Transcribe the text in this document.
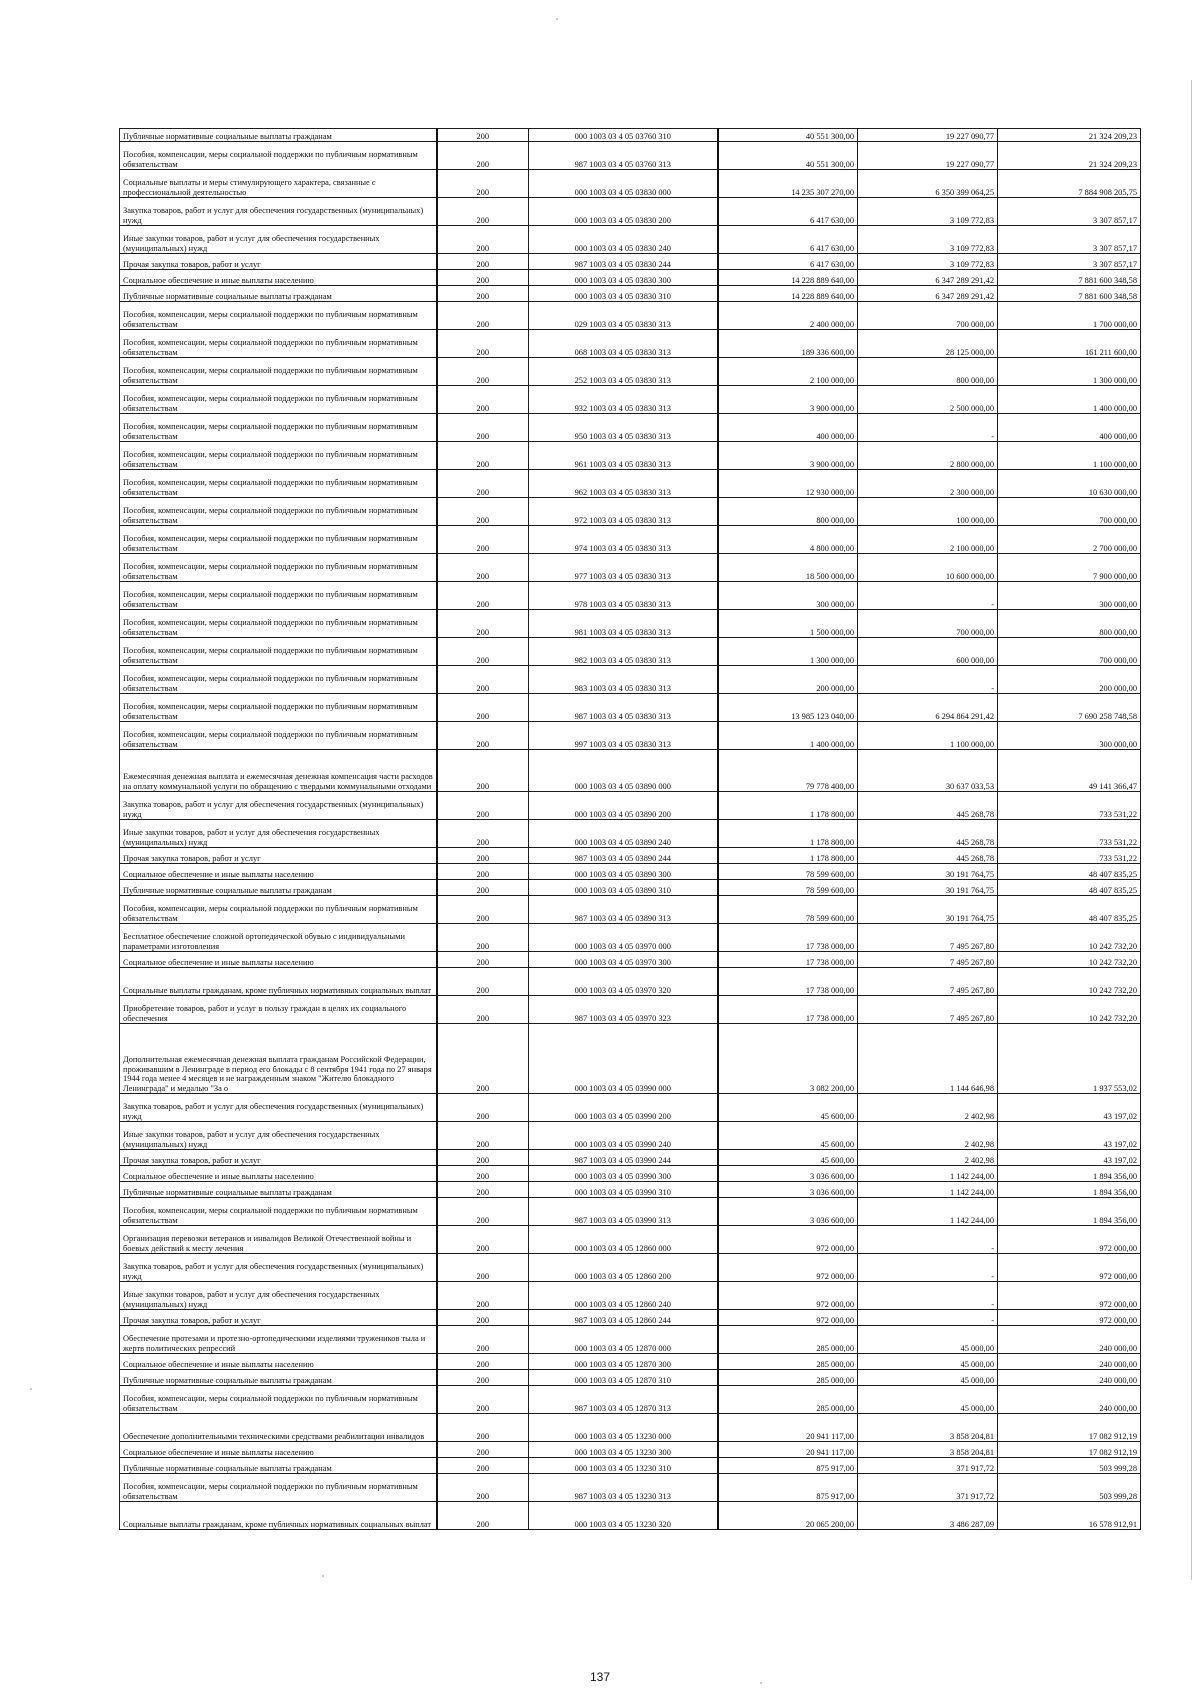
Публичные нормативные социальные выплаты гражданам	200	000 1003 03 4 05 03760 310	40 551 300,00	19 227 090,77	21 324 209,23
Пособия, компенсации, меры социальной поддержки по публичным нормативным обязательствам	200	987 1003 03 4 05 03760 313	40 551 300,00	19 227 090,77	21 324 209,23
Социальные выплаты и меры стимулирующего характера, связанные с профессиональной деятельностью	200	000 1003 03 4 05 03830 000	14 235 307 270,00	6 350 399 064,25	7 884 908 205,75
Закупка товаров, работ и услуг для обеспечения государственных (муниципальных) нужд	200	000 1003 03 4 05 03830 200	6 417 630,00	3 109 772,83	3 307 857,17
Иные закупки товаров, работ и услуг для обеспечения государственных (муниципальных) нужд	200	000 1003 03 4 05 03830 240	6 417 630,00	3 109 772,83	3 307 857,17
Прочая закупка товаров, работ и услуг	200	987 1003 03 4 05 03830 244	6 417 630,00	3 109 772,83	3 307 857,17
Социальное обеспечение и иные выплаты населению	200	000 1003 03 4 05 03830 300	14 228 889 640,00	6 347 289 291,42	7 881 600 348,58
Публичные нормативные социальные выплаты гражданам	200	000 1003 03 4 05 03830 310	14 228 889 640,00	6 347 289 291,42	7 881 600 348,58
Пособия, компенсации, меры социальной поддержки по публичным нормативным обязательствам	200	029 1003 03 4 05 03830 313	2 400 000,00	700 000,00	1 700 000,00
Пособия, компенсации, меры социальной поддержки по публичным нормативным обязательствам	200	068 1003 03 4 05 03830 313	189 336 600,00	28 125 000,00	161 211 600,00
Пособия, компенсации, меры социальной поддержки по публичным нормативным обязательствам	200	252 1003 03 4 05 03830 313	2 100 000,00	800 000,00	1 300 000,00
Пособия, компенсации, меры социальной поддержки по публичным нормативным обязательствам	200	932 1003 03 4 05 03830 313	3 900 000,00	2 500 000,00	1 400 000,00
Пособия, компенсации, меры социальной поддержки по публичным нормативным обязательствам	200	950 1003 03 4 05 03830 313	400 000,00	-	400 000,00
Пособия, компенсации, меры социальной поддержки по публичным нормативным обязательствам	200	961 1003 03 4 05 03830 313	3 900 000,00	2 800 000,00	1 100 000,00
Пособия, компенсации, меры социальной поддержки по публичным нормативным обязательствам	200	962 1003 03 4 05 03830 313	12 930 000,00	2 300 000,00	10 630 000,00
Пособия, компенсации, меры социальной поддержки по публичным нормативным обязательствам	200	972 1003 03 4 05 03830 313	800 000,00	100 000,00	700 000,00
Пособия, компенсации, меры социальной поддержки по публичным нормативным обязательствам	200	974 1003 03 4 05 03830 313	4 800 000,00	2 100 000,00	2 700 000,00
Пособия, компенсации, меры социальной поддержки по публичным нормативным обязательствам	200	977 1003 03 4 05 03830 313	18 500 000,00	10 600 000,00	7 900 000,00
Пособия, компенсации, меры социальной поддержки по публичным нормативным обязательствам	200	978 1003 03 4 05 03830 313	300 000,00	-	300 000,00
Пособия, компенсации, меры социальной поддержки по публичным нормативным обязательствам	200	981 1003 03 4 05 03830 313	1 500 000,00	700 000,00	800 000,00
Пособия, компенсации, меры социальной поддержки по публичным нормативным обязательствам	200	982 1003 03 4 05 03830 313	1 300 000,00	600 000,00	700 000,00
Пособия, компенсации, меры социальной поддержки по публичным нормативным обязательствам	200	983 1003 03 4 05 03830 313	200 000,00	-	200 000,00
Пособия, компенсации, меры социальной поддержки по публичным нормативным обязательствам	200	987 1003 03 4 05 03830 313	13 985 123 040,00	6 294 864 291,42	7 690 258 748,58
Пособия, компенсации, меры социальной поддержки по публичным нормативным обязательствам	200	997 1003 03 4 05 03830 313	1 400 000,00	1 100 000,00	300 000,00
Ежемесячная денежная выплата и ежемесячная денежная компенсация части расходов на оплату коммунальной услуги по обращению с твердыми коммунальными отходами	200	000 1003 03 4 05 03890 000	79 778 400,00	30 637 033,53	49 141 366,47
Закупка товаров, работ и услуг для обеспечения государственных (муниципальных) нужд	200	000 1003 03 4 05 03890 200	1 178 800,00	445 268,78	733 531,22
Иные закупки товаров, работ и услуг для обеспечения государственных (муниципальных) нужд	200	000 1003 03 4 05 03890 240	1 178 800,00	445 268,78	733 531,22
Прочая закупка товаров, работ и услуг	200	987 1003 03 4 05 03890 244	1 178 800,00	445 268,78	733 531,22
Социальное обеспечение и иные выплаты населению	200	000 1003 03 4 05 03890 300	78 599 600,00	30 191 764,75	48 407 835,25
Публичные нормативные социальные выплаты гражданам	200	000 1003 03 4 05 03890 310	78 599 600,00	30 191 764,75	48 407 835,25
Пособия, компенсации, меры социальной поддержки по публичным нормативным обязательствам	200	987 1003 03 4 05 03890 313	78 599 600,00	30 191 764,75	48 407 835,25
Бесплатное обеспечение сложной ортопедической обувью с индивидуальными параметрами изготовления	200	000 1003 03 4 05 03970 000	17 738 000,00	7 495 267,80	10 242 732,20
Социальное обеспечение и иные выплаты населению	200	000 1003 03 4 05 03970 300	17 738 000,00	7 495 267,80	10 242 732,20
Социальные выплаты гражданам, кроме публичных нормативных социальных выплат	200	000 1003 03 4 05 03970 320	17 738 000,00	7 495 267,80	10 242 732,20
Приобретение товаров, работ и услуг в пользу граждан в целях их социального обеспечения	200	987 1003 03 4 05 03970 323	17 738 000,00	7 495 267,80	10 242 732,20
Дополнительная ежемесячная денежная выплата гражданам Российской Федерации, проживавшим в Ленинграде в период его блокады с 8 сентября 1941 года по 27 января 1944 года менее 4 месяцев и не награжденным знаком "Жителю блокадного Ленинграда" и медалью "За о	200	000 1003 03 4 05 03990 000	3 082 200,00	1 144 646,98	1 937 553,02
Закупка товаров, работ и услуг для обеспечения государственных (муниципальных) нужд	200	000 1003 03 4 05 03990 200	45 600,00	2 402,98	43 197,02
Иные закупки товаров, работ и услуг для обеспечения государственных (муниципальных) нужд	200	000 1003 03 4 05 03990 240	45 600,00	2 402,98	43 197,02
Прочая закупка товаров, работ и услуг	200	987 1003 03 4 05 03990 244	45 600,00	2 402,98	43 197,02
Социальное обеспечение и иные выплаты населению	200	000 1003 03 4 05 03990 300	3 036 600,00	1 142 244,00	1 894 356,00
Публичные нормативные социальные выплаты гражданам	200	000 1003 03 4 05 03990 310	3 036 600,00	1 142 244,00	1 894 356,00
Пособия, компенсации, меры социальной поддержки по публичным нормативным обязательствам	200	987 1003 03 4 05 03990 313	3 036 600,00	1 142 244,00	1 894 356,00
Организация перевозки ветеранов и инвалидов Великой Отечественной войны и боевых действий к месту лечения	200	000 1003 03 4 05 12860 000	972 000,00	-	972 000,00
Закупка товаров, работ и услуг для обеспечения государственных (муниципальных) нужд	200	000 1003 03 4 05 12860 200	972 000,00	-	972 000,00
Иные закупки товаров, работ и услуг для обеспечения государственных (муниципальных) нужд	200	000 1003 03 4 05 12860 240	972 000,00	-	972 000,00
Прочая закупка товаров, работ и услуг	200	987 1003 03 4 05 12860 244	972 000,00	-	972 000,00
Обеспечение протезами и протезно-ортопедическими изделиями тружеников тыла и жертв политических репрессий	200	000 1003 03 4 05 12870 000	285 000,00	45 000,00	240 000,00
Социальное обеспечение и иные выплаты населению	200	000 1003 03 4 05 12870 300	285 000,00	45 000,00	240 000,00
Публичные нормативные социальные выплаты гражданам	200	000 1003 03 4 05 12870 310	285 000,00	45 000,00	240 000,00
Пособия, компенсации, меры социальной поддержки по публичным нормативным обязательствам	200	987 1003 03 4 05 12870 313	285 000,00	45 000,00	240 000,00
Обеспечение дополнительными техническими средствами реабилитации инвалидов	200	000 1003 03 4 05 13230 000	20 941 117,00	3 858 204,81	17 082 912,19
Социальное обеспечение и иные выплаты населению	200	000 1003 03 4 05 13230 300	20 941 117,00	3 858 204,81	17 082 912,19
Публичные нормативные социальные выплаты гражданам	200	000 1003 03 4 05 13230 310	875 917,00	371 917,72	503 999,28
Пособия, компенсации, меры социальной поддержки по публичным нормативным обязательствам	200	987 1003 03 4 05 13230 313	875 917,00	371 917,72	503 999,28
Социальные выплаты гражданам, кроме публичных нормативных социальных выплат	200	000 1003 03 4 05 13230 320	20 065 200,00	3 486 287,09	16 578 912,91
137
